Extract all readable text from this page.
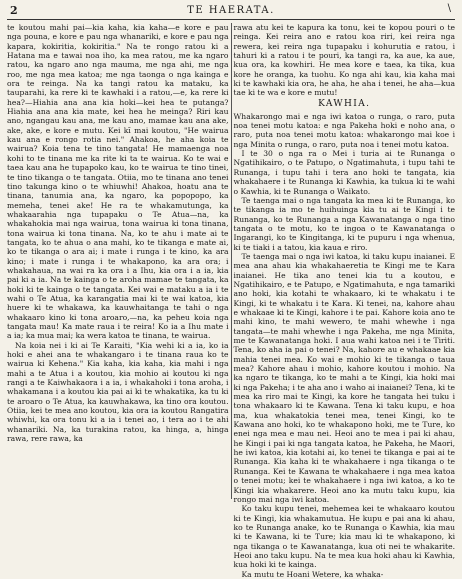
2	TE HAERATA.	\

te koutou mahi pai—kia kaha, kia kaha—e kore e pau nga pouna, e kore e pau nga whanariki, e kore e pau nga kapara, kokiritia, kokiritia." Na te rongo ratou ki a Hatana ma e tawai noa iho, ka mea ratou, me ka ngaro ratou, ka ngaro ano nga mauma, me nga ahi, me nga roo, me nga mea katoa; me nga taonga o nga kainga e ora te reinga. Na ka tangi ratou ka mataku, ka tauparahi, ka rere ki te kawhaki i a ratou,—e, ka rere ki hea?—Hiahia ana ana kia hoki—kei hea te putanga? Hiahia ana ana kia mate, kei hea he meinga? Riri kau ano, ngangau kau ana, me kau ano, mamae kau ana ake, ake, ake, e kore e mutu. Kei kī mai koutou, "He wairua kau ana e rongo rotia nei." Ahakoa, he aha koia te wairua? Koia tena te tino tangata! He mamaenga noa kohi to te tinana me ka rite ki ta te wairua. Ko te wai e taea kau ana he tupapoko kau, ko te wairua te tino tinei, te tino tikanga o te tangata. Otiia, mo te tinana ano tenei tino takunga kino o te whiuwhi! Ahakoa, hoatu ana te tinana, tanumia ana, ka ngaro, ka popopopo, ka memeha, tenei ake! He ra te whakamutunga, ka whakaarahia nga tupapaku o Te Atua—na, ka whakahokia mai nga wairua, tona wairua ki tona tinana, tona wairua ki tona tinana. Na, ko te ahu i mate ai te tangata, ko te ahua o ana mahi, ko te tikanga e mate ai, ko te tikanga o ara ai; i mate i runga i te kino, ka ara kino; i mate i runga i te whakapono, ka ara ora; i whakahaua, na wai ra ka ora i a Ihu, kia ora i a ia, kia pai ki a ia. Na te kainga o te aroha mamae te tangata, ka hoki ki te kainga o te tangata. Kei wai e mataku a ia i te wahi o Te Atua, ka karangatia mai ki te wai katoa, kia huere ki te whakawa, ka kauwhaitanga te tahi o nga whakaaro kino ki tona aroaro,—na, ka peheu koia nga tangata mau! Ka mate raua i te reira! Ko ia a Ihu mate i a ia; ka mua mai; ka wera katoa te tinana, te wairua.

Na koia nei i ki ai Te Karaiti, "Kia wehi ki a ia, ko ia hoki e ahei ana te whakangaro i te tinana raua ko te wairua ki Kehena." Kia kaha, kia kaha, kia mahi i nga mahi a te Atua i a koutou, kia mohio ai koutou ki nga rangi a te Kaiwhakaora i a ia, i whakahoki i tona aroha, i whakamana i a koutou kia pai ai ki te whakatika, ka tu ki te aroaro o Te Atua, ka kauwhakawa, ka tino ora koutou. Otiia, kei te mea ano koutou, kia ora ia koutou Rangatira whiwhi, ka ora tonu ki a ia i tenei ao, i tera ao i te ahi whanariki. Na, ka turakina ratou, ka hinga, a, hinga rawa, rere rawa, ka

rawa atu kei te kapura ka tonu, kei te kopou pouri o te reinga. Kei reira ano e ratou koa riri, kei reira nga rewera, kei reira nga tupapaku i kohurutia e ratou, i tahuri ki a ratou i te pouri, ka tangi ra, ka aue, ka aue, kua ora, ka kowhiri. He mea kore e taea, ka tika, kua kore he oranga, ka tuohu. Ko nga ahi kau, kia kaha mai ki te kawhaki kia ora, he aha, he aha i tenei, he aha—kua tae ki te wa e kore e mutu!

KAWHIA.

Whakarongo mai e nga iwi katoa o runga, o raro, puta noa tenei motu katoa: e nga Pakeha hoki e noho ana, o raro, puta noa tenei motu katoa: whakarongo mai koe i nga Minita o runga, o raro, puta noa i tenei motu katoa.

I te 30 o nga ra o Mei i turia ai te Runanga o Ngatihikairo, o te Patupo, o Ngatimahuta, i tupu tahi te Runanga, i tupu tahi i tera ano hoki te tangata, kia whakahaere i te Runanga ki Kawhia, ka tukua ki te wahi o Kawhia, ki te Runanga o Waikato.

Te taenga mai o nga tangata ka mea ki te Runanga, ko te tikanga ia mo te huihuinga kia tu ai te Kingi i te Runanga, ko te Runanga a nga Kawanatanga o nga tino tangata o te motu, ko te ingoa o te Kawanatanga o Ingarangi, ko te Kingitanga, ki te pupuru i nga whenua, ki te tiaki i a tatou, kia kaua e riro.

Te taenga mai o nga iwi katoa, ki taku kupu inaianei. E mea ana ahau kia whakahaeretia te Kingi me te Kara inaianei. He tika ano tenei kia tu a koutou, e Ngatihikairo, e te Patupo, e Ngatimahuta, e nga tamariki ano hoki, kia kotahi te whakaaro, ki te whakatu i te Kingi, ki te whakatu i te Kara. Ki tenei, na, kahore ahau e whakaae ki te Kingi, kahore i te pai. Kahore koia ano te mahi kino, te mahi wewero, te mahi whewhe i nga tangata—te mahi whewhe i nga Pakeha, me nga Minita, me te Kawanatanga hoki. I aua wahi katoa nei i te Tiriti. Tena, ko aha ia pai o tenei? Na, kahore au e whakaae kia mahia tenei mea. Ko wai e mohio ki te tikanga o taua mea? Kahore ahau i mohio, kahore koutou i mohio. Na ka ngaro te tikanga, ko te mahi a te Kingi, kia hoki mai ki nga Pakeha; i te aha ano i waho ai inaianei? Tena, ki te mea ka riro mai te Kingi, ka kore he tangata hei tuku i tona whakaaro ki te Kawana. Tena ki taku kupu, e hoa ma, kua whakatokia tenei mea, tenei Kingi, ko te Kawana ano hoki, ko te whakapono hoki, me te Ture, ko enei nga mea e mau nei. Heoi ano te mea i pai ki ahau, he Kingi i pai ki nga tangata katoa, he Pakeha, he Maori, he iwi katoa, kia kotahi ai, ko tenei te tikanga e pai ai te Runanga. Kia kaha ki te whakahaere i nga tikanga o te Runanga. Kei te Kawana te whakahaere i nga mea katoa o tenei motu; kei te whakahaere i nga iwi katoa, a ko te Kingi kia whakarere. Heoi ano ka mutu taku kupu, kia rongo mai nga iwi katoa.

Ko taku kupu tenei, mehemea kei te whakaaro koutou ki te Kingi, kia whakamutua. He kupu e pai ana ki ahau, ko te Runanga anake, ko te Runanga o Kawhia, kia mau ki te Kawana, ki te Ture; kia mau ki te whakapono, ki nga tikanga o te Kawanatanga, kua oti nei te whakarite. Heoi ano taku kupu. Na te mea kua hoki ahau ki Kawhia, kua hoki ki te kainga.

Ka mutu te Hoani Wetere, ka whaka-
